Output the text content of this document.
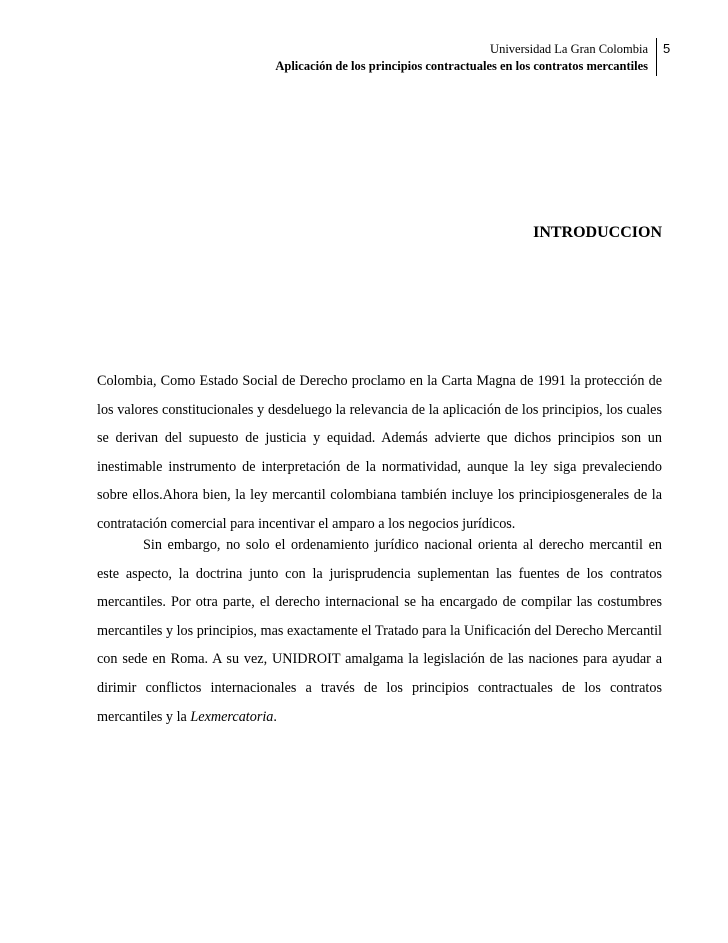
Universidad La Gran Colombia
Aplicación de los principios contractuales en los contratos mercantiles
5
INTRODUCCION

Colombia, Como Estado Social de Derecho proclamo en la Carta Magna de 1991 la protección de los valores constitucionales y desdeluego la relevancia de la aplicación de los principios, los cuales se derivan del supuesto de justicia y equidad. Además advierte que dichos principios son un inestimable instrumento de interpretación de la normatividad, aunque la ley siga prevaleciendo sobre ellos.Ahora bien, la ley mercantil colombiana también incluye los principiosgenerales de la contratación comercial para incentivar el amparo a los negocios jurídicos.

Sin embargo, no solo el ordenamiento jurídico nacional orienta al derecho mercantil en este aspecto, la doctrina junto con la jurisprudencia suplementan las fuentes de los contratos mercantiles. Por otra parte, el derecho internacional se ha encargado de compilar las costumbres mercantiles y los principios, mas exactamente el Tratado para la Unificación del Derecho Mercantil con sede en Roma. A su vez, UNIDROIT amalgama la legislación de las naciones para ayudar a dirimir conflictos internacionales a través de los principios contractuales de los contratos mercantiles y la Lexmercatoria.
